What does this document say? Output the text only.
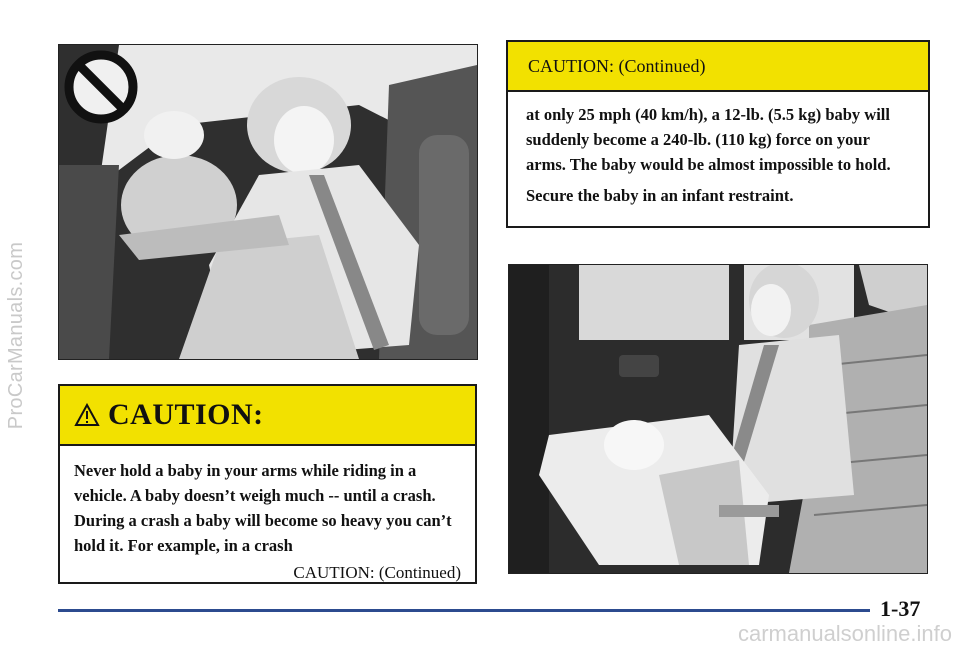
ProCarManuals.com	CAUTION:

Never hold a baby in your arms while riding in a vehicle. A baby doesn’t weigh much -- until a crash. During a crash a baby will become so heavy you can’t hold it. For example, in a crash

CAUTION: (Continued)
CAUTION: (Continued)

at only 25 mph (40 km/h), a 12-lb. (5.5 kg) baby will suddenly become a 240-lb. (110 kg) force on your arms. The baby would be almost impossible to hold.

Secure the baby in an infant restraint.

1-37
carmanualsonline.info
